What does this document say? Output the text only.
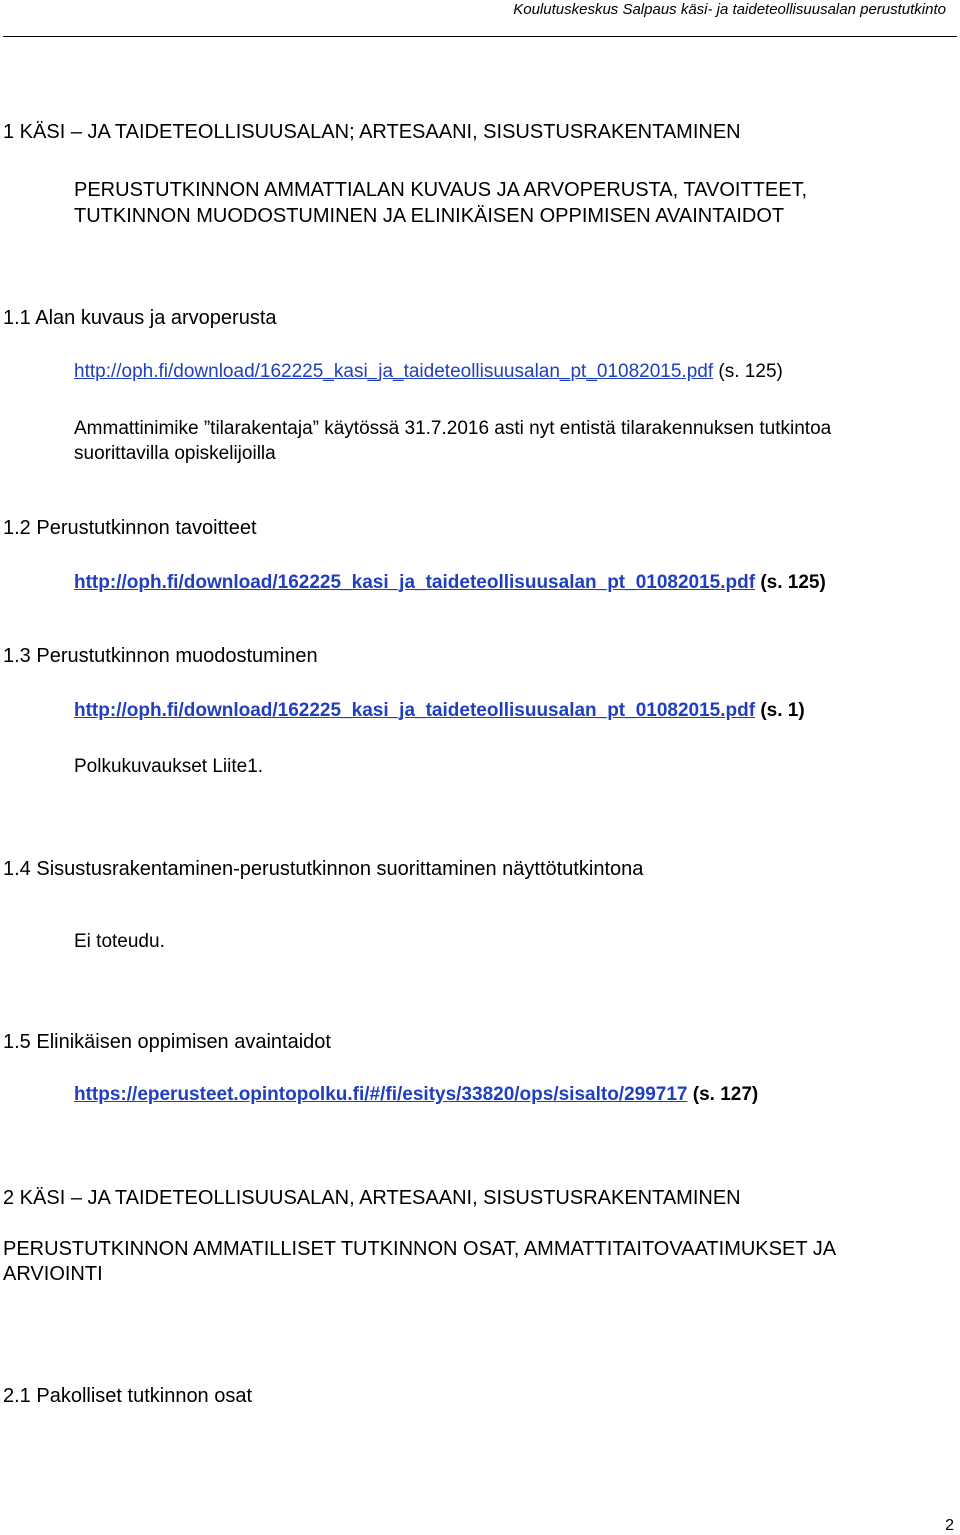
Koulutuskeskus Salpaus käsi- ja taideteollisuusalan perustutkinto
1 KÄSI – JA TAIDETEOLLISUUSALAN; ARTESAANI, SISUSTUSRAKENTAMINEN
PERUSTUTKINNON AMMATTIALAN KUVAUS JA ARVOPERUSTA, TAVOITTEET,
TUTKINNON MUODOSTUMINEN JA ELINIKÄISEN OPPIMISEN AVAINTAIDOT
1.1 Alan kuvaus ja arvoperusta
http://oph.fi/download/162225_kasi_ja_taideteollisuusalan_pt_01082015.pdf (s. 125)
Ammattinimike ”tilarakentaja” käytössä 31.7.2016 asti nyt entistä tilarakennuksen tutkintoa
suorittavilla opiskelijoilla
1.2 Perustutkinnon tavoitteet
http://oph.fi/download/162225_kasi_ja_taideteollisuusalan_pt_01082015.pdf (s. 125)
1.3 Perustutkinnon muodostuminen
http://oph.fi/download/162225_kasi_ja_taideteollisuusalan_pt_01082015.pdf (s. 1)
Polkukuvaukset Liite1.
1.4 Sisustusrakentaminen-perustutkinnon suorittaminen näyttötutkintona
Ei toteudu.
1.5 Elinikäisen oppimisen avaintaidot
https://eperusteet.opintopolku.fi/#/fi/esitys/33820/ops/sisalto/299717 (s. 127)
2 KÄSI – JA TAIDETEOLLISUUSALAN, ARTESAANI, SISUSTUSRAKENTAMINEN
PERUSTUTKINNON AMMATILLISET TUTKINNON OSAT, AMMATTITAITOVAATIMUKSET JA
ARVIOINTI
2.1 Pakolliset tutkinnon osat
2
